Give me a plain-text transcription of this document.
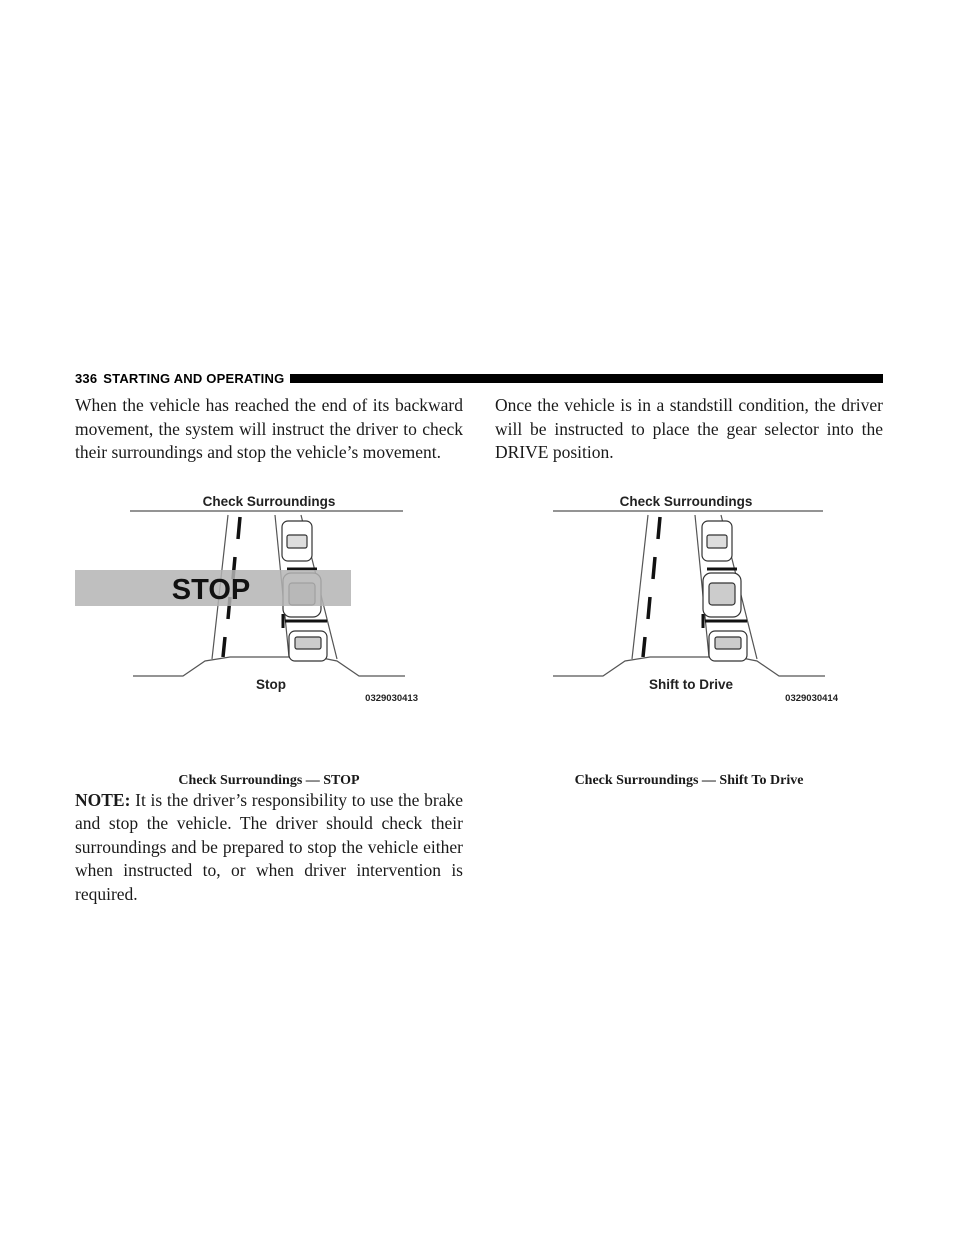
336 STARTING AND OPERATING

When the vehicle has reached the end of its backward movement, the system will instruct the driver to check their surroundings and stop the vehicle’s movement.

Check Surroundings
STOP
Stop
0329030413
Check Surroundings — STOP

NOTE: It is the driver’s responsibility to use the brake and stop the vehicle. The driver should check their surroundings and be prepared to stop the vehicle either when instructed to, or when driver intervention is required.

Once the vehicle is in a standstill condition, the driver will be instructed to place the gear selector into the DRIVE position.

Check Surroundings
Shift to Drive
0329030414
Check Surroundings — Shift To Drive
